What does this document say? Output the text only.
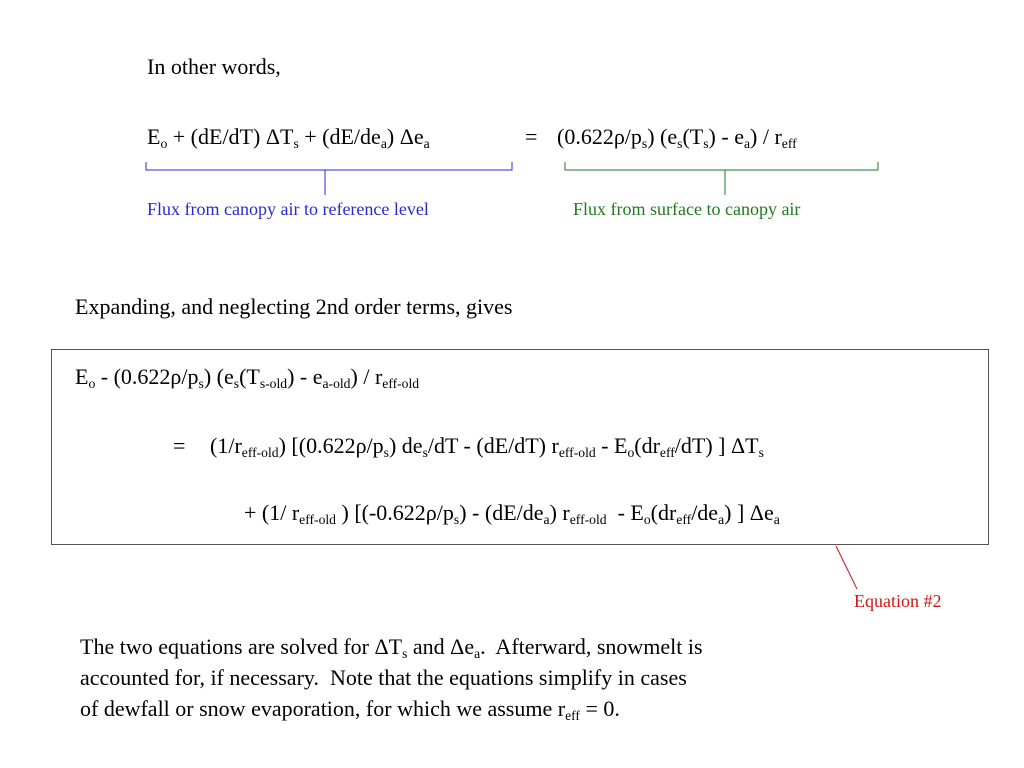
In other words,
$E_o + (dE/dT) \Delta T_s + (dE/de_a)$ $\Delta e_a$	= $(0.622\rho/p_s)$ $(e_s(T_s) - e_a) / r_{eff}$
Flux from canopy air to reference level	Flux from surface to canopy air
Expanding, and neglecting 2nd order terms, gives
$E_o - (0.622\rho/p_s)$ $(e_s(T_{s-old}) - e_{a-old}) / r_{eff-old}$
= $(1/r_{eff-old})$ [$(0.622\rho/p_s)$ $de_s/dT - (dE/dT)$ $r_{eff-old} - E_o(dr_{eff}/dT)$ ] $\Delta T_s$
+ (1/ $r_{eff-old}$ ) [$(-0.622\rho/p_s) - (dE/de_a)$ $r_{eff-old} - E_o(dr_{eff}/de_a)$ ] $\Delta e_a$
Equation #2
The two equations are solved for $\Delta T_s$ and $\Delta e_a$.  Afterward, snowmelt is
accounted for, if necessary.  Note that the equations simplify in cases
of dewfall or snow evaporation, for which we assume $r_{eff} = 0$.
